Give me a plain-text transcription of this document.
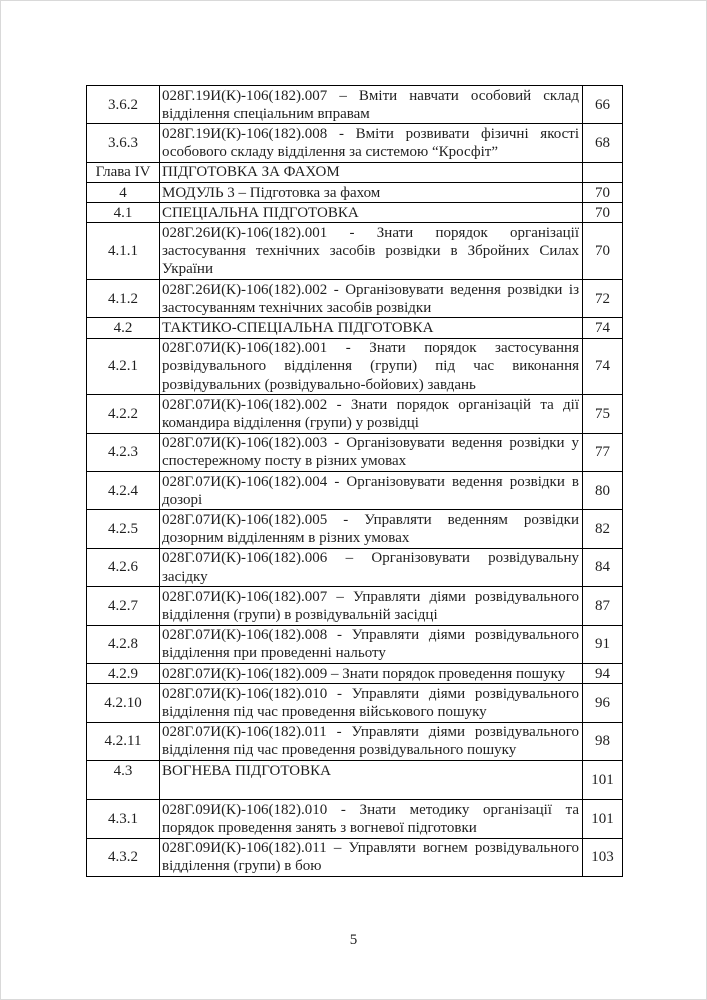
3.6.2	028Г.19И(К)-106(182).007 – Вміти навчати особовий склад відділення спеціальним вправам	66
3.6.3	028Г.19И(К)-106(182).008 - Вміти розвивати фізичні якості особового складу відділення за системою “Кросфіт”	68
Глава IV	ПІДГОТОВКА ЗА ФАХОМ	
4	МОДУЛЬ 3 – Підготовка за фахом	70
4.1	СПЕЦІАЛЬНА ПІДГОТОВКА	70
4.1.1	028Г.26И(К)-106(182).001 - Знати порядок організації застосування технічних засобів розвідки в Збройних Силах України	70
4.1.2	028Г.26И(К)-106(182).002 - Організовувати ведення розвідки із застосуванням технічних засобів розвідки	72
4.2	ТАКТИКО-СПЕЦІАЛЬНА ПІДГОТОВКА	74
4.2.1	028Г.07И(К)-106(182).001 - Знати порядок застосування розвідувального відділення (групи) під час виконання розвідувальних (розвідувально-бойових) завдань	74
4.2.2	028Г.07И(К)-106(182).002 - Знати порядок організацій та дії командира відділення (групи) у розвідці	75
4.2.3	028Г.07И(К)-106(182).003 - Організовувати ведення розвідки у спостережному посту в різних умовах	77
4.2.4	028Г.07И(К)-106(182).004 - Організовувати ведення розвідки в дозорі	80
4.2.5	028Г.07И(К)-106(182).005 - Управляти веденням розвідки дозорним відділенням в різних умовах	82
4.2.6	028Г.07И(К)-106(182).006 – Організовувати розвідувальну засідку	84
4.2.7	028Г.07И(К)-106(182).007 – Управляти діями розвідувального відділення (групи) в розвідувальній засідці	87
4.2.8	028Г.07И(К)-106(182).008 - Управляти діями розвідувального відділення при проведенні нальоту	91
4.2.9	028Г.07И(К)-106(182).009 – Знати порядок проведення пошуку	94
4.2.10	028Г.07И(К)-106(182).010 - Управляти діями розвідувального відділення під час проведення військового пошуку	96
4.2.11	028Г.07И(К)-106(182).011 - Управляти діями розвідувального відділення під час проведення розвідувального пошуку	98
4.3	ВОГНЕВА ПІДГОТОВКА	101
4.3.1	028Г.09И(К)-106(182).010 - Знати методику організації та порядок проведення занять з вогневої підготовки	101
4.3.2	028Г.09И(К)-106(182).011 – Управляти вогнем розвідувального відділення (групи) в бою	103
5
